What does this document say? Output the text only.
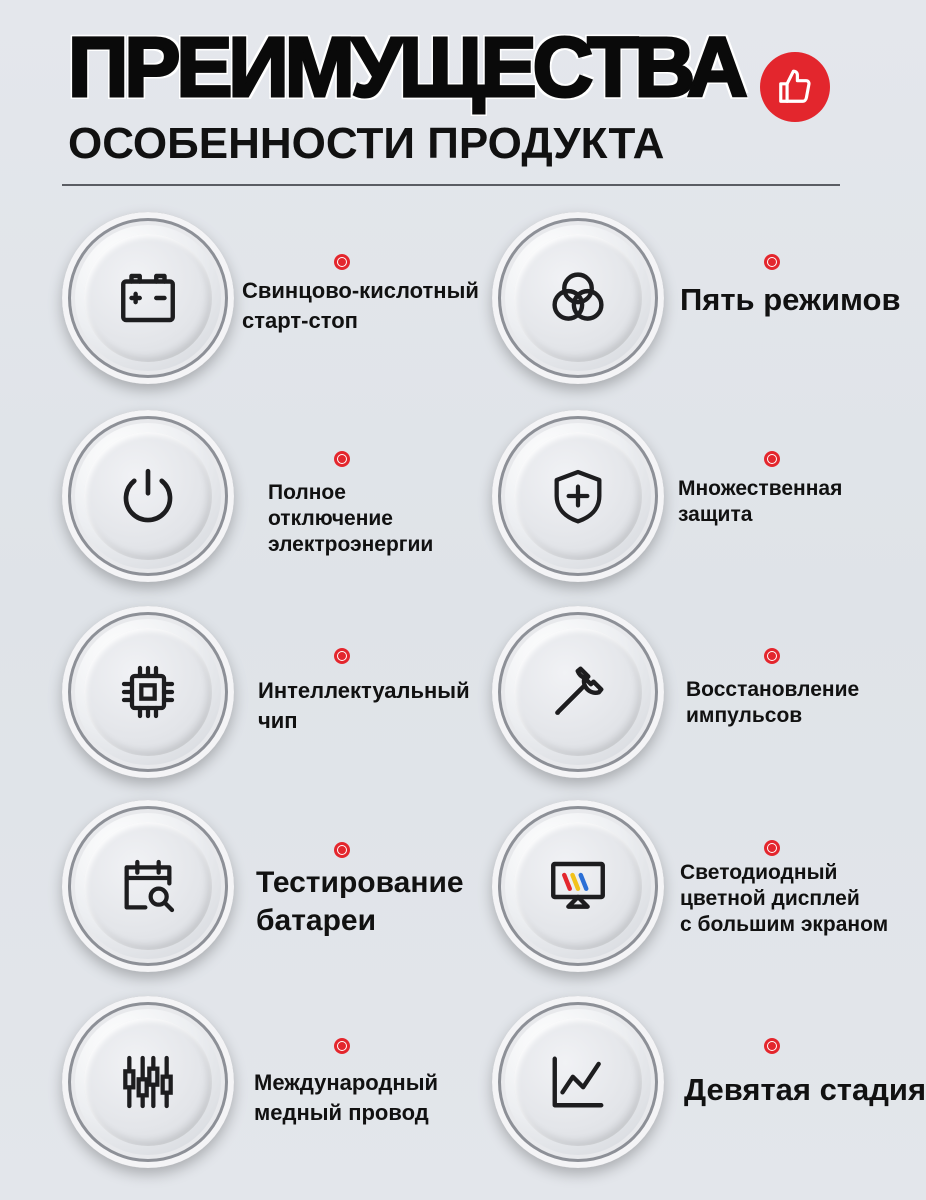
ПРЕИМУЩЕСТВА
ОСОБЕННОСТИ ПРОДУКТА
Свинцово-кислотный
старт-стоп
Пять режимов
Полное
отключение
электроэнергии
Множественная
защита
Интеллектуальный
чип
Восстановление
импульсов
Тестирование
батареи
Светодиодный
цветной дисплей
с большим экраном
Международный
медный провод
Девятая стадия
